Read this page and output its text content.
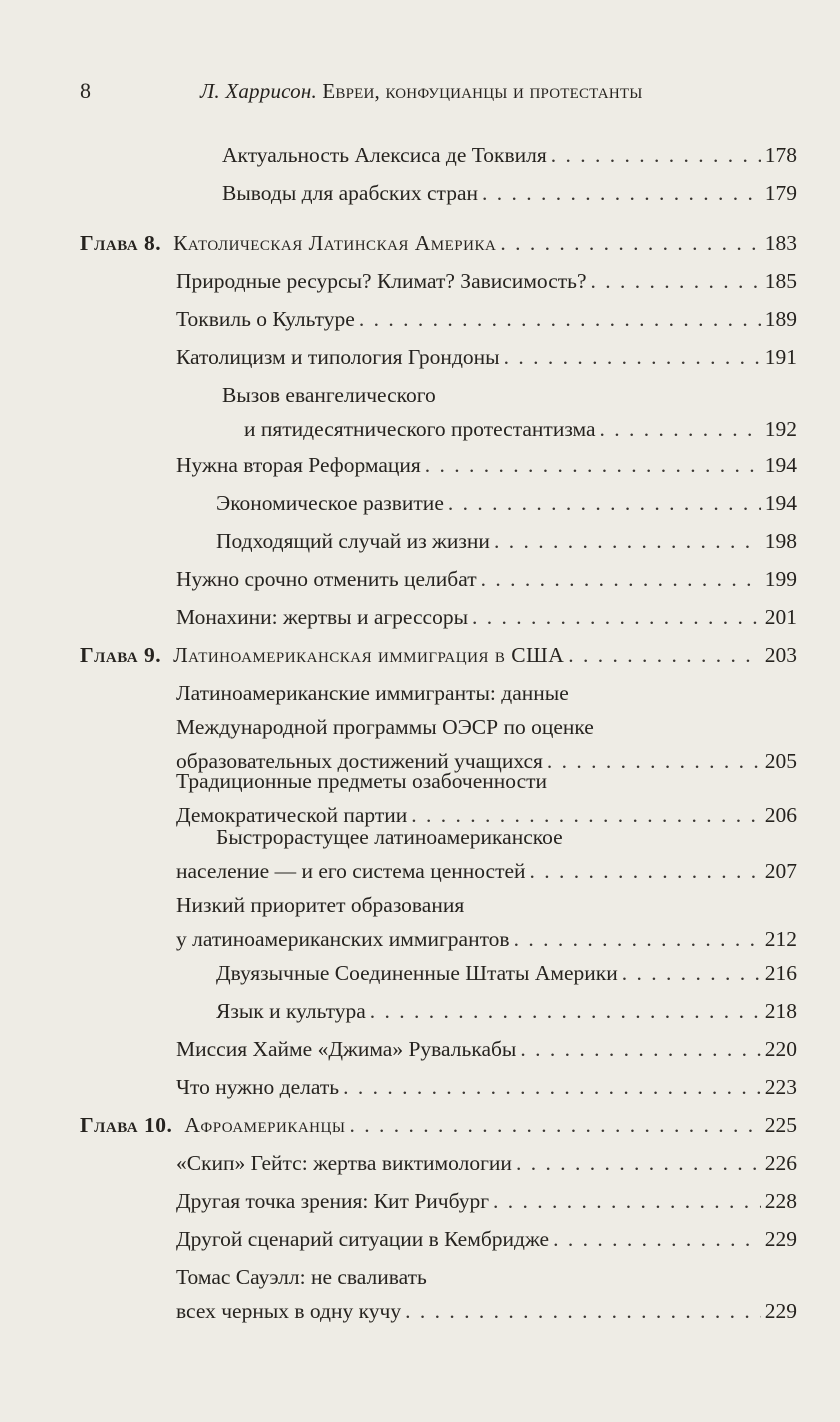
8	Л. Харрисон. Евреи, конфуцианцы и протестанты
Актуальность Алексиса де Токвиля . . .	178
Выводы для арабских стран . . .	179
Глава 8. Католическая Латинская Америка . . .	183
Природные ресурсы? Климат? Зависимость? . . .	185
Токвиль о Культуре . . .	189
Католицизм и типология Грондоны . . .	191
Вызов евангелического
и пятидесятнического протестантизма . . .	192
Нужна вторая Реформация . . .	194
Экономическое развитие . . .	194
Подходящий случай из жизни . . .	198
Нужно срочно отменить целибат . . .	199
Монахини: жертвы и агрессоры . . .	201
Глава 9. Латиноамериканская иммиграция в США . . .	203
Латиноамериканские иммигранты: данные
Международной программы ОЭСР по оценке
образовательных достижений учащихся . . .	205
Традиционные предметы озабоченности
Демократической партии . . .	206
Быстрорастущее латиноамериканское
население — и его система ценностей . . .	207
Низкий приоритет образования
у латиноамериканских иммигрантов . . .	212
Двуязычные Соединенные Штаты Америки . . .	216
Язык и культура . . .	218
Миссия Хайме «Джима» Рувалькабы . . .	220
Что нужно делать . . .	223
Глава 10. Афроамериканцы . . .	225
«Скип» Гейтс: жертва виктимологии . . .	226
Другая точка зрения: Кит Ричбург . . .	228
Другой сценарий ситуации в Кембридже . . .	229
Томас Сауэлл: не сваливать
всех черных в одну кучу . . .	229
